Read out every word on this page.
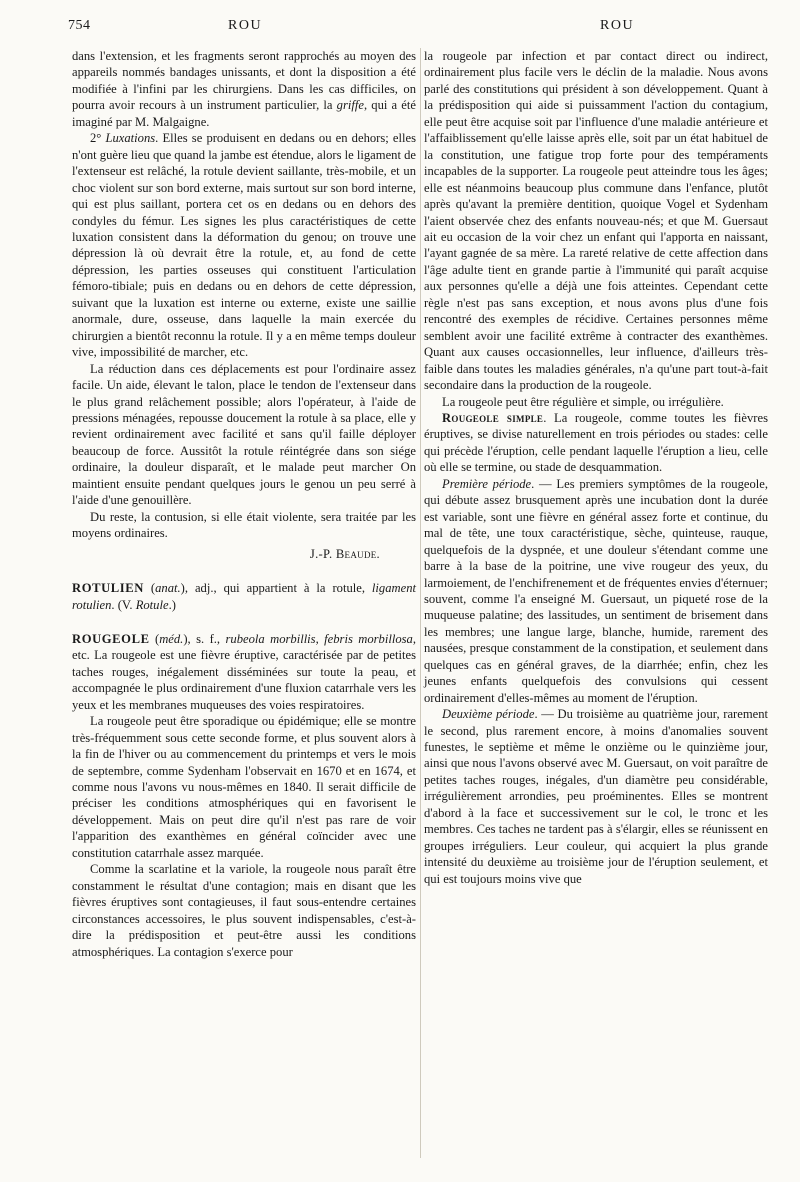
754	ROU	ROU

dans l'extension, et les fragments seront rapprochés au moyen des appareils nommés bandages unissants, et dont la disposition a été modifiée à l'infini par les chirurgiens. Dans les cas difficiles, on pourra avoir recours à un instrument particulier, la griffe, qui a été imaginé par M. Malgaigne.

2° Luxations. Elles se produisent en dedans ou en dehors; elles n'ont guère lieu que quand la jambe est étendue, alors le ligament de l'extenseur est relâché, la rotule devient saillante, très-mobile, et un choc violent sur son bord externe, mais surtout sur son bord interne, qui est plus saillant, portera cet os en dedans ou en dehors des condyles du fémur. Les signes les plus caractéristiques de cette luxation consistent dans la déformation du genou; on trouve une dépression là où devrait être la rotule, et, au fond de cette dépression, les parties osseuses qui constituent l'articulation fémoro-tibiale; puis en dedans ou en dehors de cette dépression, suivant que la luxation est interne ou externe, existe une saillie anormale, dure, osseuse, dans laquelle la main exercée du chirurgien a bientôt reconnu la rotule. Il y a en même temps douleur vive, impossibilité de marcher, etc.

La réduction dans ces déplacements est pour l'ordinaire assez facile. Un aide, élevant le talon, place le tendon de l'extenseur dans le plus grand relâchement possible; alors l'opérateur, à l'aide de pressions ménagées, repousse doucement la rotule à sa place, elle y revient ordinairement avec facilité et sans qu'il faille déployer beaucoup de force. Aussitôt la rotule réintégrée dans son siége ordinaire, la douleur disparaît, et le malade peut marcher On maintient ensuite pendant quelques jours le genou un peu serré à l'aide d'une genouillère.

Du reste, la contusion, si elle était violente, sera traitée par les moyens ordinaires.

J.-P. Beaude.

ROTULIEN (anat.), adj., qui appartient à la rotule, ligament rotulien. (V. Rotule.)

ROUGEOLE (méd.), s. f., rubeola morbillis, febris morbillosa, etc. La rougeole est une fièvre éruptive, caractérisée par de petites taches rouges, inégalement disséminées sur toute la peau, et accompagnée le plus ordinairement d'une fluxion catarrhale vers les yeux et les membranes muqueuses des voies respiratoires.

La rougeole peut être sporadique ou épidémique; elle se montre très-fréquemment sous cette seconde forme, et plus souvent alors à la fin de l'hiver ou au commencement du printemps et vers le mois de septembre, comme Sydenham l'observait en 1670 et en 1674, et comme nous l'avons vu nous-mêmes en 1840. Il serait difficile de préciser les conditions atmosphériques qui en favorisent le développement. Mais on peut dire qu'il n'est pas rare de voir l'apparition des exanthèmes en général coïncider avec une constitution catarrhale assez marquée.

Comme la scarlatine et la variole, la rougeole nous paraît être constamment le résultat d'une contagion; mais en disant que les fièvres éruptives sont contagieuses, il faut sous-entendre certaines circonstances accessoires, le plus souvent indispensables, c'est-à-dire la prédisposition et peut-être aussi les conditions atmosphériques. La contagion s'exerce pour

la rougeole par infection et par contact direct ou indirect, ordinairement plus facile vers le déclin de la maladie. Nous avons parlé des constitutions qui président à son développement. Quant à la prédisposition qui aide si puissamment l'action du contagium, elle peut être acquise soit par l'influence d'une maladie antérieure et l'affaiblissement qu'elle laisse après elle, soit par un état habituel de la constitution, une fatigue trop forte pour des tempéraments incapables de la supporter. La rougeole peut atteindre tous les âges; elle est néanmoins beaucoup plus commune dans l'enfance, plutôt après qu'avant la première dentition, quoique Vogel et Sydenham l'aient observée chez des enfants nouveau-nés; et que M. Guersaut ait eu occasion de la voir chez un enfant qui l'apporta en naissant, l'ayant gagnée de sa mère. La rareté relative de cette affection dans l'âge adulte tient en grande partie à l'immunité qui paraît acquise aux personnes qu'elle a déjà une fois atteintes. Cependant cette règle n'est pas sans exception, et nous avons plus d'une fois rencontré des exemples de récidive. Certaines personnes même semblent avoir une facilité extrême à contracter des exanthèmes. Quant aux causes occasionnelles, leur influence, d'ailleurs très-faible dans toutes les maladies générales, n'a qu'une part tout-à-fait secondaire dans la production de la rougeole.

La rougeole peut être régulière et simple, ou irrégulière.

Rougeole simple. La rougeole, comme toutes les fièvres éruptives, se divise naturellement en trois périodes ou stades: celle qui précède l'éruption, celle pendant laquelle l'éruption a lieu, celle où elle se termine, ou stade de desquammation.

Première période. — Les premiers symptômes de la rougeole, qui débute assez brusquement après une incubation dont la durée est variable, sont une fièvre en général assez forte et continue, du mal de tête, une toux caractéristique, sèche, quinteuse, rauque, quelquefois de la dyspnée, et une douleur s'étendant comme une barre à la base de la poitrine, une vive rougeur des yeux, du larmoiement, de l'enchifrenement et de fréquentes envies d'éternuer; souvent, comme l'a enseigné M. Guersaut, un piqueté rose de la muqueuse palatine; des lassitudes, un sentiment de brisement dans les membres; une langue large, blanche, humide, rarement des nausées, presque constamment de la constipation, et seulement dans quelques cas en général graves, de la diarrhée; enfin, chez les jeunes enfants quelquefois des convulsions qui cessent ordinairement d'elles-mêmes au moment de l'éruption.

Deuxième période. — Du troisième au quatrième jour, rarement le second, plus rarement encore, à moins d'anomalies souvent funestes, le septième et même le onzième ou le quinzième jour, ainsi que nous l'avons observé avec M. Guersaut, on voit paraître de petites taches rouges, inégales, d'un diamètre peu considérable, irrégulièrement arrondies, peu proéminentes. Elles se montrent d'abord à la face et successivement sur le col, le tronc et les membres. Ces taches ne tardent pas à s'élargir, elles se réunissent en groupes irréguliers. Leur couleur, qui acquiert la plus grande intensité du deuxième au troisième jour de l'éruption seulement, et qui est toujours moins vive que
